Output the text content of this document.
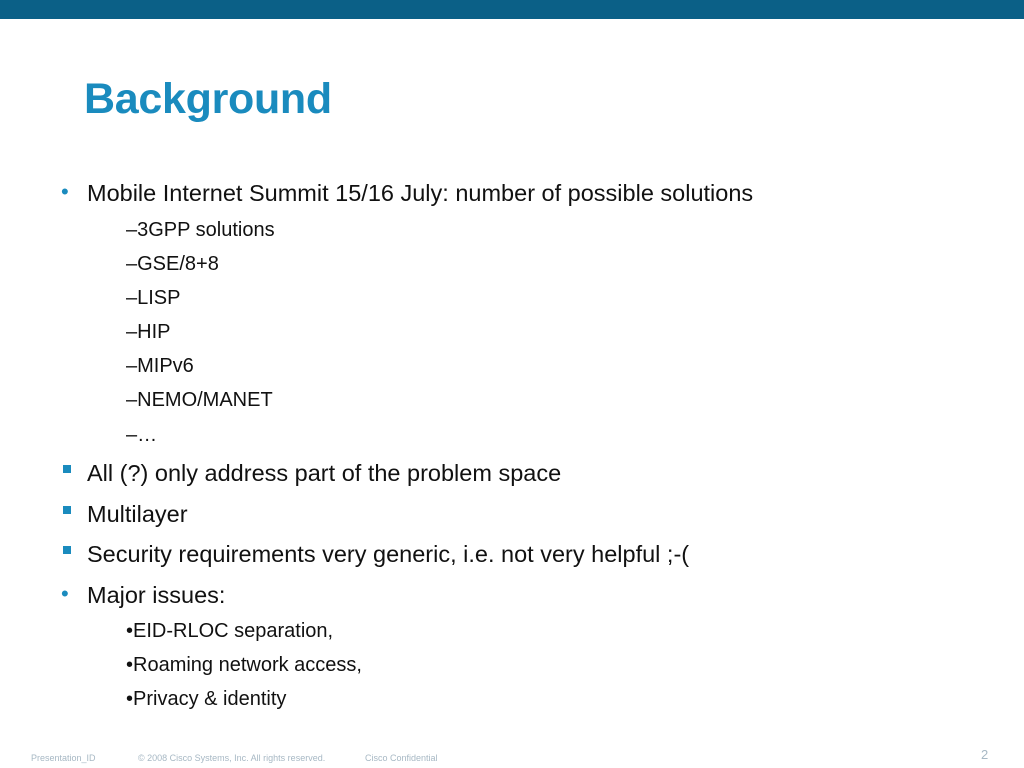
Background
• Mobile Internet Summit 15/16 July: number of possible solutions
–3GPP solutions
–GSE/8+8
–LISP
–HIP
–MIPv6
–NEMO/MANET
–…
All (?) only address part of the problem space
Multilayer
Security requirements very generic, i.e. not very helpful ;-(
• Major issues:
•EID-RLOC separation,
•Roaming network access,
•Privacy & identity
Presentation_ID	© 2008 Cisco Systems, Inc. All rights reserved.	Cisco Confidential	2
